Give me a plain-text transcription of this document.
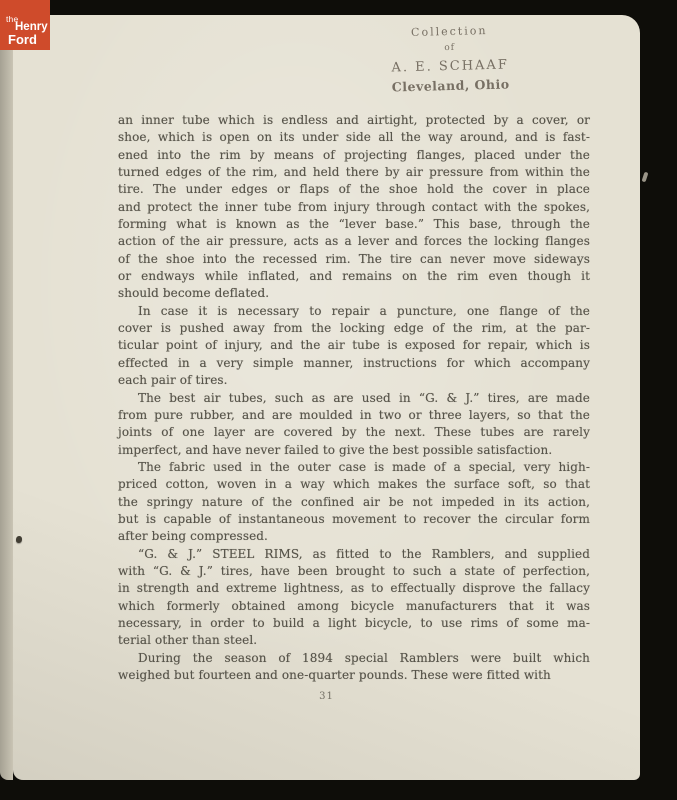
Collection
of
A. E. SCHAAF
Cleveland, Ohio
an inner tube which is endless and airtight, protected by a cover, or
shoe, which is open on its under side all the way around, and is fast-
ened into the rim by means of projecting flanges, placed under the
turned edges of the rim, and held there by air pressure from within the
tire. The under edges or flaps of the shoe hold the cover in place
and protect the inner tube from injury through contact with the spokes,
forming what is known as the “lever base.” This base, through the
action of the air pressure, acts as a lever and forces the locking flanges
of the shoe into the recessed rim. The tire can never move sideways
or endways while inflated, and remains on the rim even though it
should become deflated.
In case it is necessary to repair a puncture, one flange of the
cover is pushed away from the locking edge of the rim, at the par-
ticular point of injury, and the air tube is exposed for repair, which is
effected in a very simple manner, instructions for which accompany
each pair of tires.
The best air tubes, such as are used in “G. & J.” tires, are made
from pure rubber, and are moulded in two or three layers, so that the
joints of one layer are covered by the next. These tubes are rarely
imperfect, and have never failed to give the best possible satisfaction.
The fabric used in the outer case is made of a special, very high-
priced cotton, woven in a way which makes the surface soft, so that
the springy nature of the confined air be not impeded in its action,
but is capable of instantaneous movement to recover the circular form
after being compressed.
“G. & J.” STEEL RIMS, as fitted to the Ramblers, and supplied
with “G. & J.” tires, have been brought to such a state of perfection,
in strength and extreme lightness, as to effectually disprove the fallacy
which formerly obtained among bicycle manufacturers that it was
necessary, in order to build a light bicycle, to use rims of some ma-
terial other than steel.
During the season of 1894 special Ramblers were built which
weighed but fourteen and one-quarter pounds. These were fitted with
31
the
Henry
Ford
